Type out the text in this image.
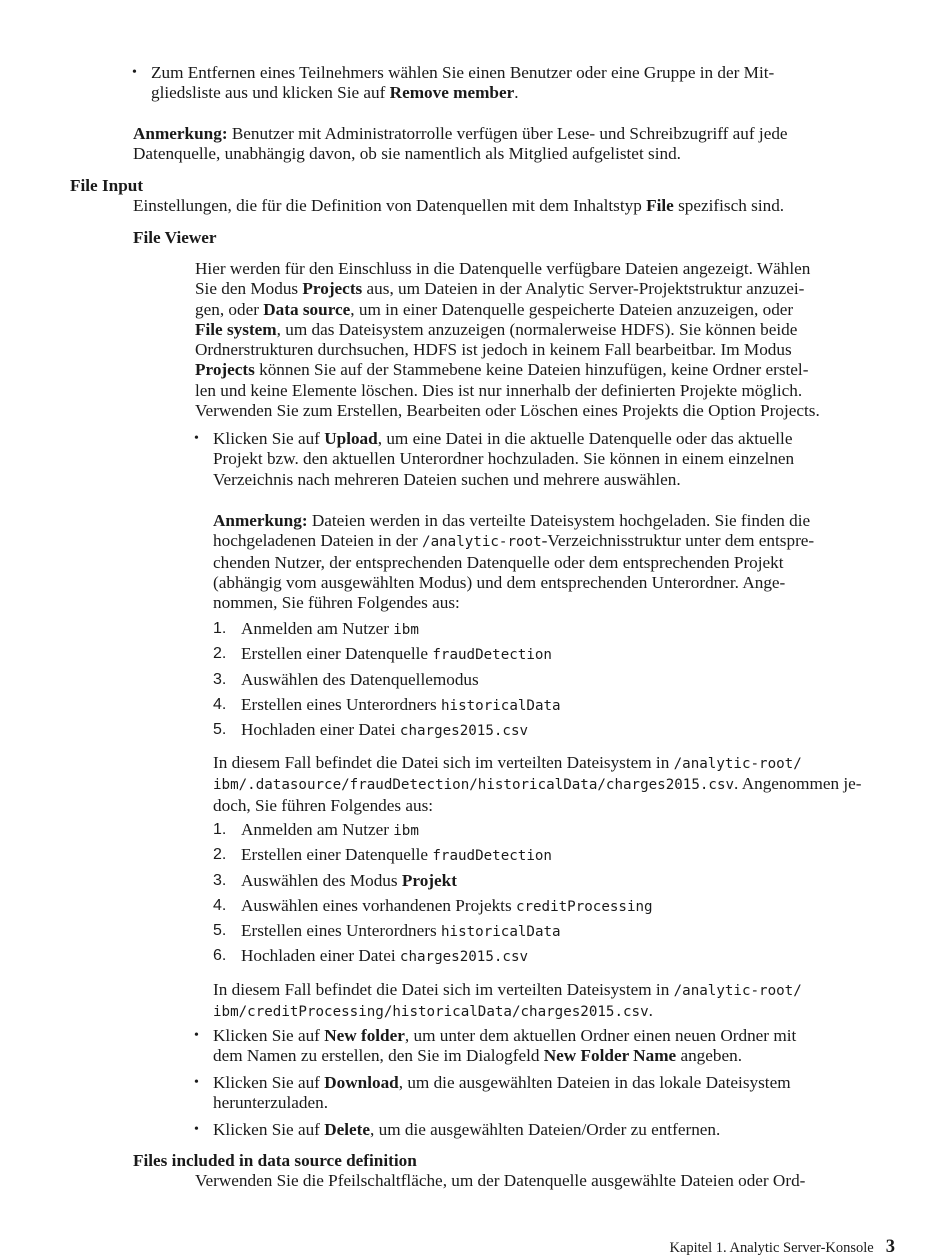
• Zum Entfernen eines Teilnehmers wählen Sie einen Benutzer oder eine Gruppe in der Mit-
gliedsliste aus und klicken Sie auf Remove member.
Anmerkung: Benutzer mit Administratorrolle verfügen über Lese- und Schreibzugriff auf jede
Datenquelle, unabhängig davon, ob sie namentlich als Mitglied aufgelistet sind.
File Input
Einstellungen, die für die Definition von Datenquellen mit dem Inhaltstyp File spezifisch sind.
File Viewer
Hier werden für den Einschluss in die Datenquelle verfügbare Dateien angezeigt. Wählen
Sie den Modus Projects aus, um Dateien in der Analytic Server-Projektstruktur anzuzei-
gen, oder Data source, um in einer Datenquelle gespeicherte Dateien anzuzeigen, oder
File system, um das Dateisystem anzuzeigen (normalerweise HDFS). Sie können beide
Ordnerstrukturen durchsuchen, HDFS ist jedoch in keinem Fall bearbeitbar. Im Modus
Projects können Sie auf der Stammebene keine Dateien hinzufügen, keine Ordner erstel-
len und keine Elemente löschen. Dies ist nur innerhalb der definierten Projekte möglich.
Verwenden Sie zum Erstellen, Bearbeiten oder Löschen eines Projekts die Option Projects.
• Klicken Sie auf Upload, um eine Datei in die aktuelle Datenquelle oder das aktuelle
Projekt bzw. den aktuellen Unterordner hochzuladen. Sie können in einem einzelnen
Verzeichnis nach mehreren Dateien suchen und mehrere auswählen.
Anmerkung: Dateien werden in das verteilte Dateisystem hochgeladen. Sie finden die
hochgeladenen Dateien in der /analytic-root-Verzeichnisstruktur unter dem entspre-
chenden Nutzer, der entsprechenden Datenquelle oder dem entsprechenden Projekt
(abhängig vom ausgewählten Modus) und dem entsprechenden Unterordner. Ange-
nommen, Sie führen Folgendes aus:
1. Anmelden am Nutzer ibm
2. Erstellen einer Datenquelle fraudDetection
3. Auswählen des Datenquellemodus
4. Erstellen eines Unterordners historicalData
5. Hochladen einer Datei charges2015.csv
In diesem Fall befindet die Datei sich im verteilten Dateisystem in /analytic-root/
ibm/.datasource/fraudDetection/historicalData/charges2015.csv. Angenommen je-
doch, Sie führen Folgendes aus:
1. Anmelden am Nutzer ibm
2. Erstellen einer Datenquelle fraudDetection
3. Auswählen des Modus Projekt
4. Auswählen eines vorhandenen Projekts creditProcessing
5. Erstellen eines Unterordners historicalData
6. Hochladen einer Datei charges2015.csv
In diesem Fall befindet die Datei sich im verteilten Dateisystem in /analytic-root/
ibm/creditProcessing/historicalData/charges2015.csv.
• Klicken Sie auf New folder, um unter dem aktuellen Ordner einen neuen Ordner mit
dem Namen zu erstellen, den Sie im Dialogfeld New Folder Name angeben.
• Klicken Sie auf Download, um die ausgewählten Dateien in das lokale Dateisystem
herunterzuladen.
• Klicken Sie auf Delete, um die ausgewählten Dateien/Order zu entfernen.
Files included in data source definition
Verwenden Sie die Pfeilschaltfläche, um der Datenquelle ausgewählte Dateien oder Ord-
Kapitel 1. Analytic Server-Konsole 3
